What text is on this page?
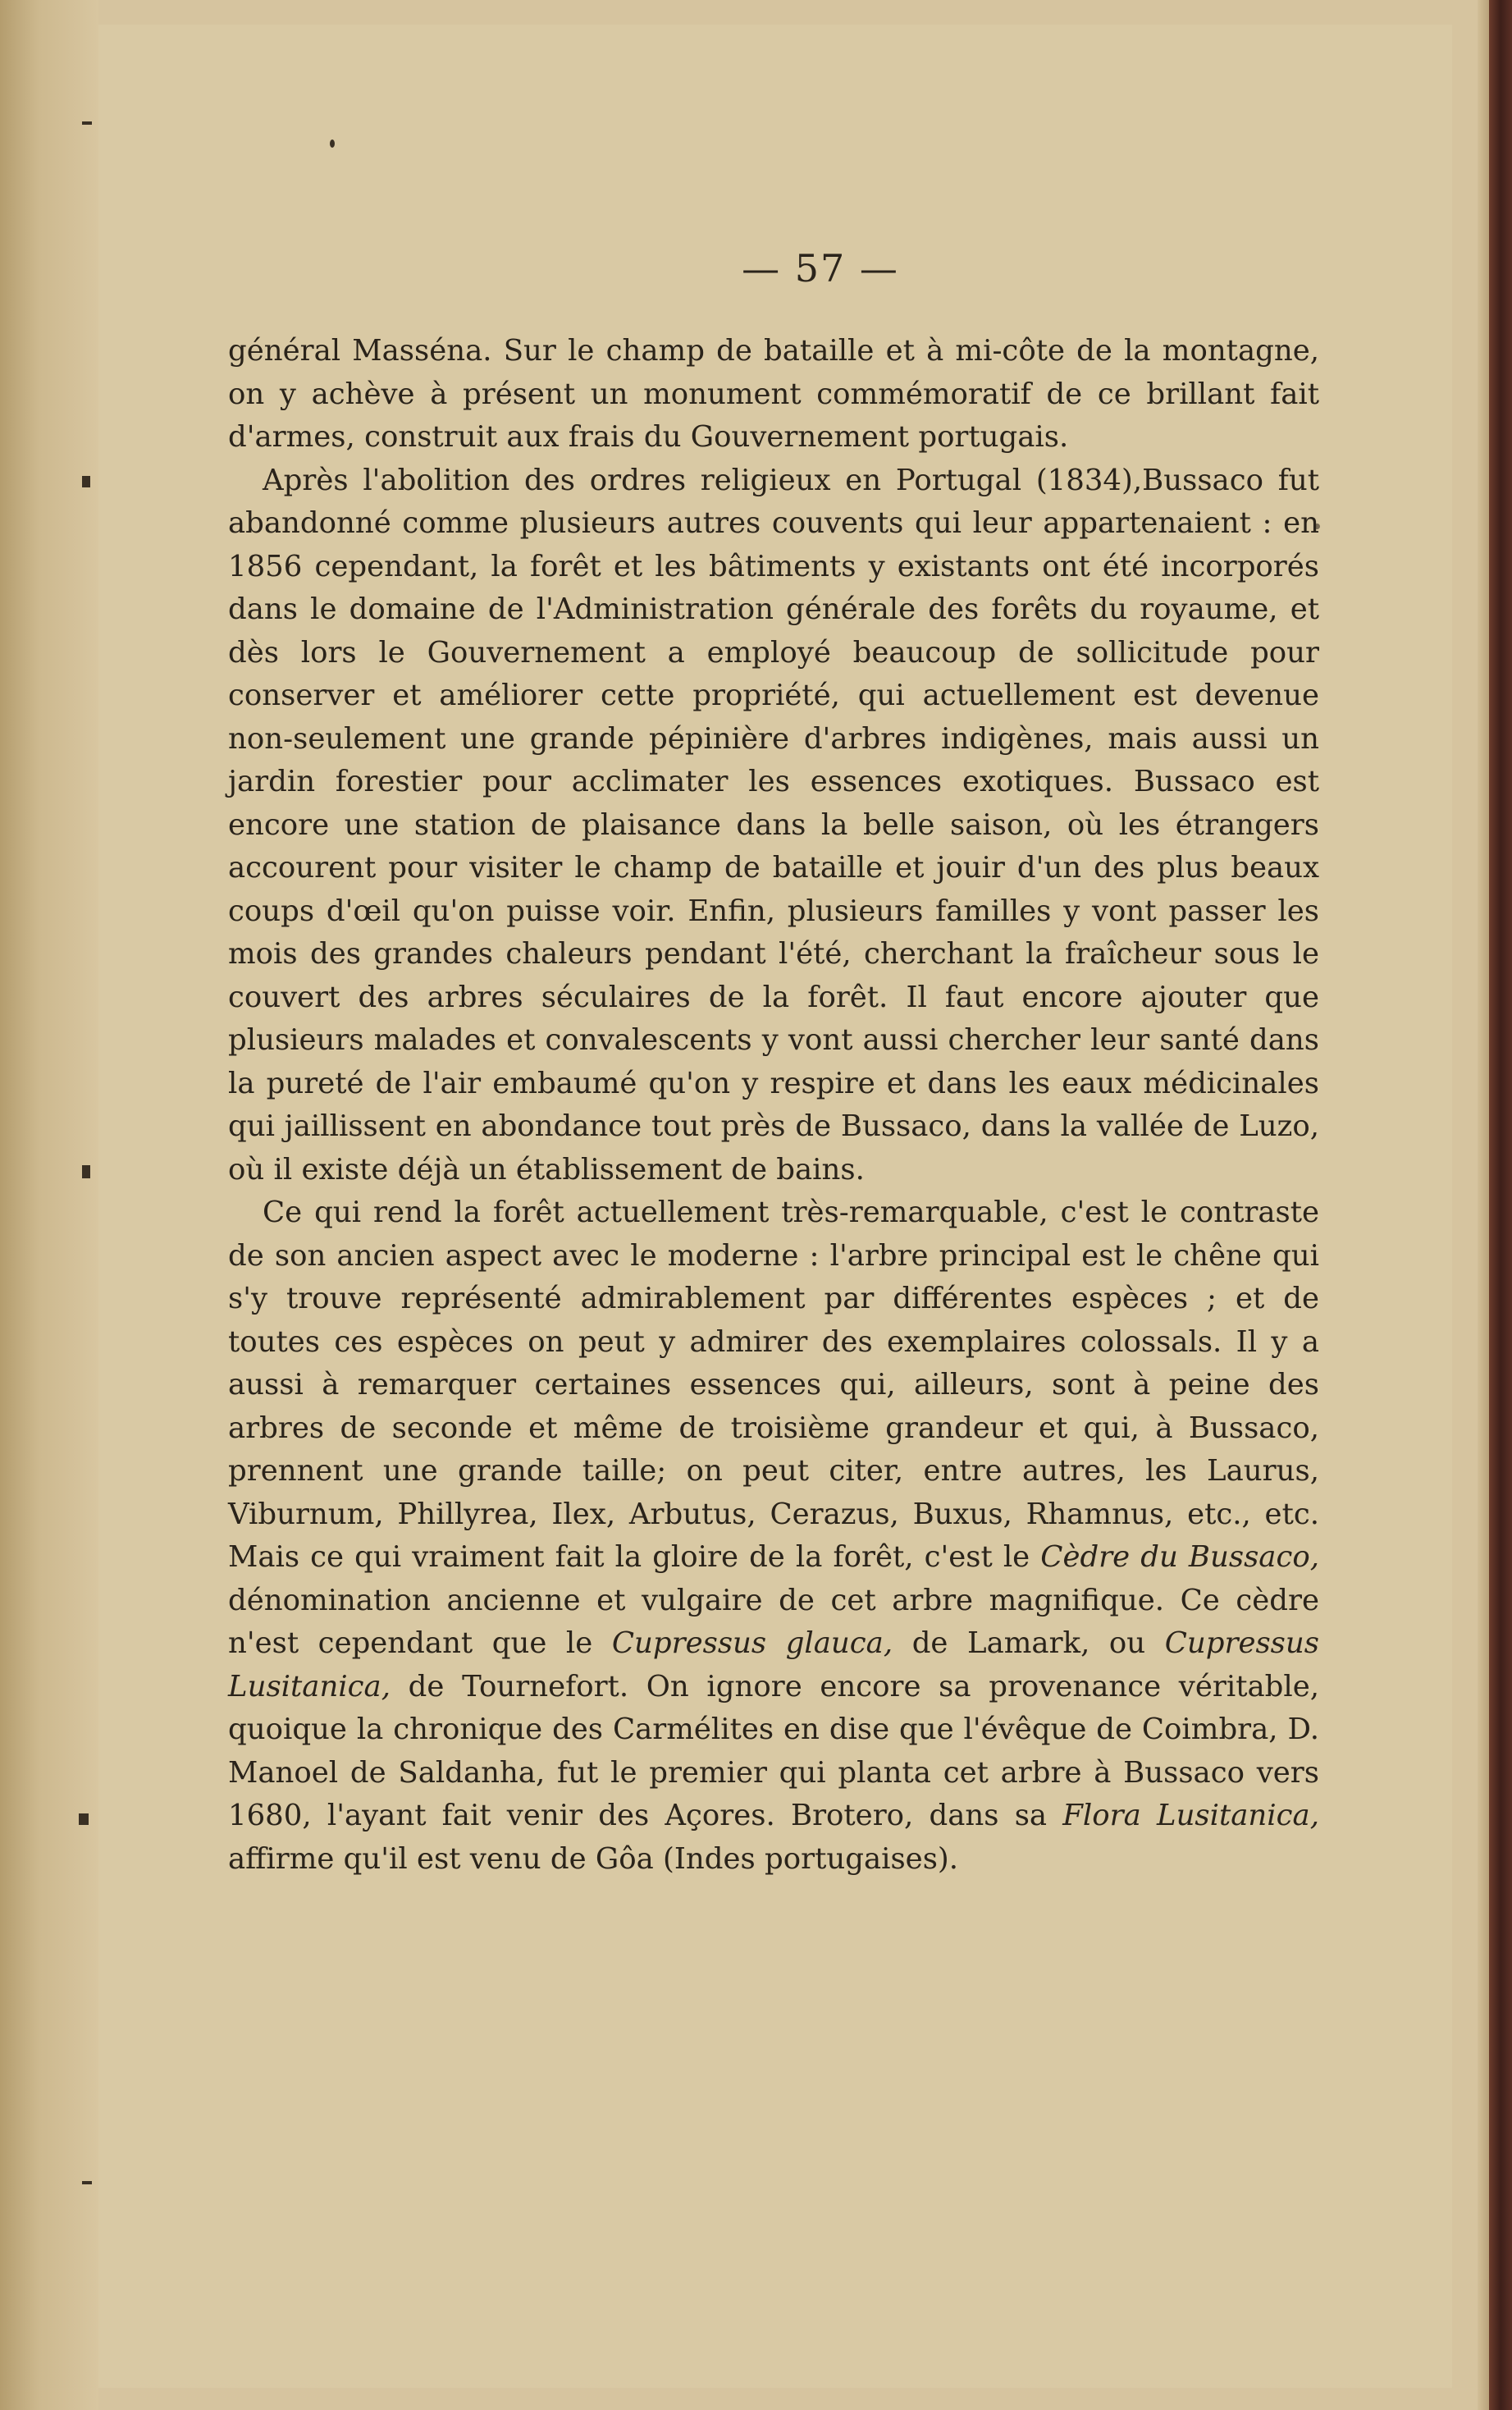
— 57 —

général Masséna. Sur le champ de bataille et à mi-côte de la montagne, on y achève à présent un monument commémoratif de ce brillant fait d'armes, construit aux frais du Gouvernement portugais.

Après l'abolition des ordres religieux en Portugal (1834),Bussaco fut abandonné comme plusieurs autres couvents qui leur appartenaient : en 1856 cependant, la forêt et les bâtiments y existants ont été incorporés dans le domaine de l'Administration générale des forêts du royaume, et dès lors le Gouvernement a employé beaucoup de sollicitude pour conserver et améliorer cette propriété, qui actuellement est devenue non-seulement une grande pépinière d'arbres indigènes, mais aussi un jardin forestier pour acclimater les essences exotiques. Bussaco est encore une station de plaisance dans la belle saison, où les étrangers accourent pour visiter le champ de bataille et jouir d'un des plus beaux coups d'œil qu'on puisse voir. Enfin, plusieurs familles y vont passer les mois des grandes chaleurs pendant l'été, cherchant la fraîcheur sous le couvert des arbres séculaires de la forêt. Il faut encore ajouter que plusieurs malades et convalescents y vont aussi chercher leur santé dans la pureté de l'air embaumé qu'on y respire et dans les eaux médicinales qui jaillissent en abondance tout près de Bussaco, dans la vallée de Luzo, où il existe déjà un établissement de bains.

Ce qui rend la forêt actuellement très-remarquable, c'est le contraste de son ancien aspect avec le moderne : l'arbre principal est le chêne qui s'y trouve représenté admirablement par différentes espèces ; et de toutes ces espèces on peut y admirer des exemplaires colossals. Il y a aussi à remarquer certaines essences qui, ailleurs, sont à peine des arbres de seconde et même de troisième grandeur et qui, à Bussaco, prennent une grande taille; on peut citer, entre autres, les Laurus, Viburnum, Phillyrea, Ilex, Arbutus, Cerazus, Buxus, Rhamnus, etc., etc. Mais ce qui vraiment fait la gloire de la forêt, c'est le Cèdre du Bussaco, dénomination ancienne et vulgaire de cet arbre magnifique. Ce cèdre n'est cependant que le Cupressus glauca, de Lamark, ou Cupressus Lusitanica, de Tournefort. On ignore encore sa provenance véritable, quoique la chronique des Carmélites en dise que l'évêque de Coimbra, D. Manoel de Saldanha, fut le premier qui planta cet arbre à Bussaco vers 1680, l'ayant fait venir des Açores. Brotero, dans sa Flora Lusitanica, affirme qu'il est venu de Gôa (Indes portugaises).
